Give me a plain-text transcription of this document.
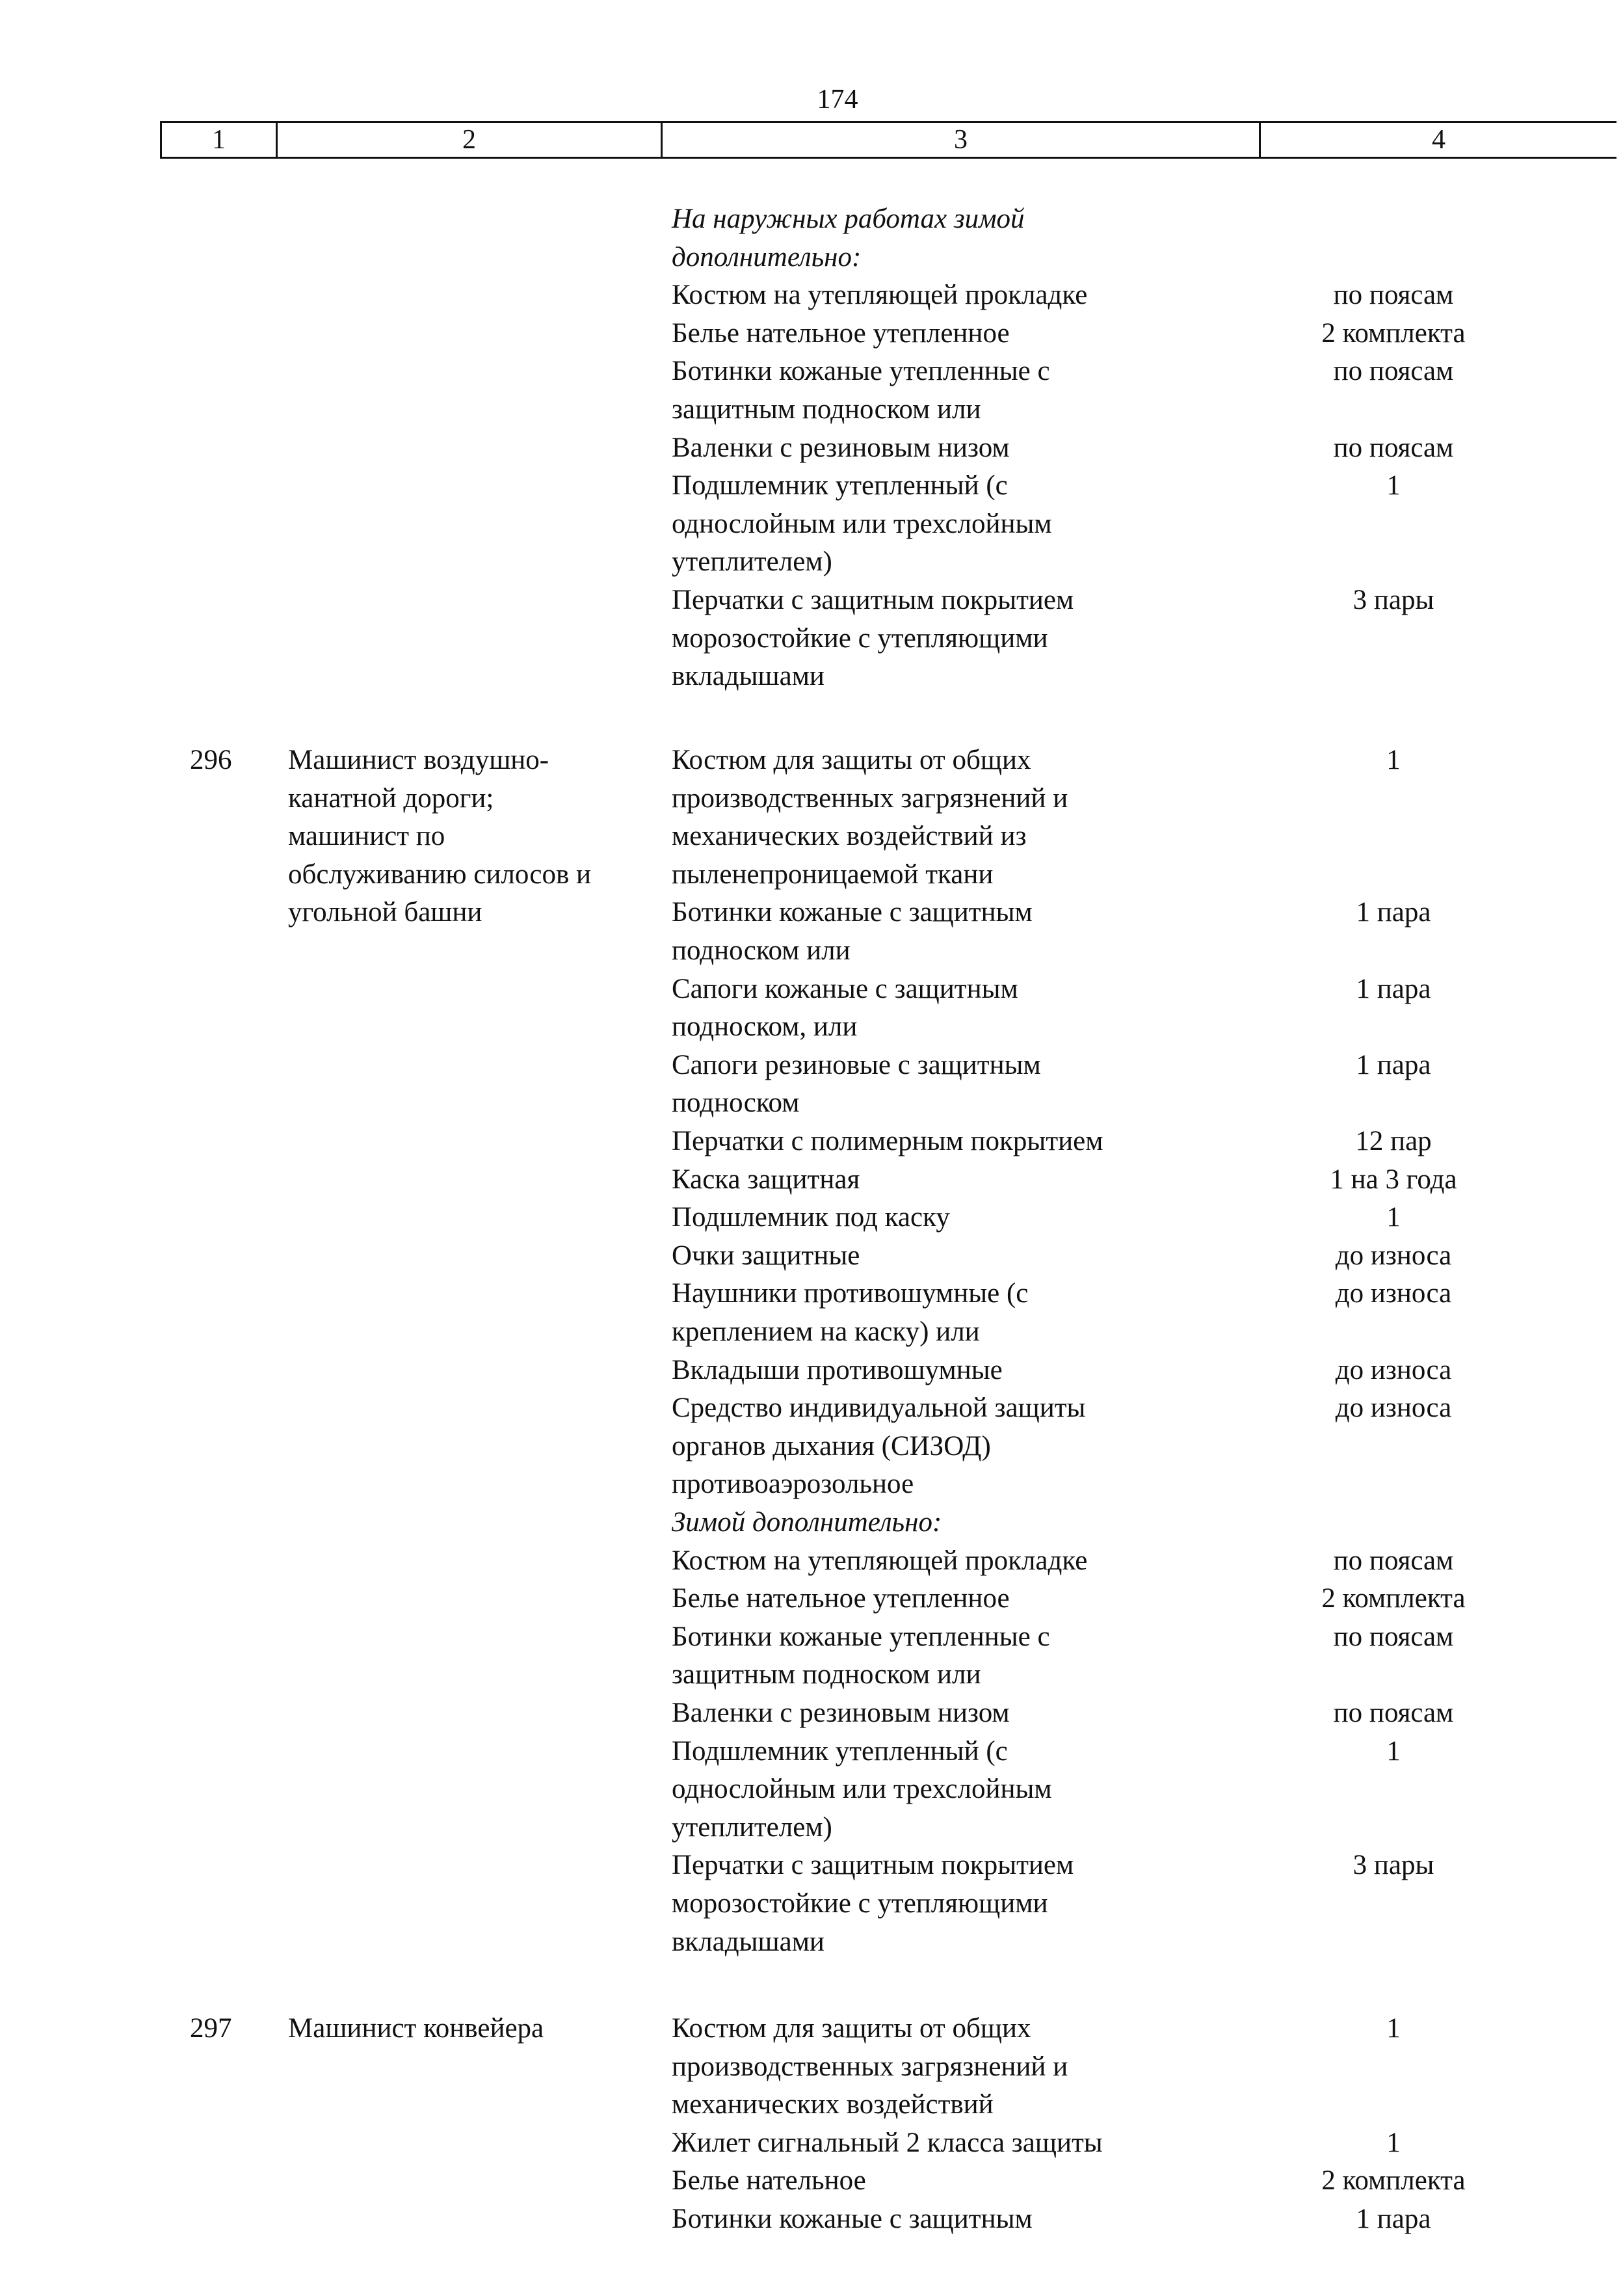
174
1	2	3	4
На наружных работах зимой
дополнительно:
Костюм на утепляющей прокладке	по поясам
Белье нательное утепленное	2 комплекта
Ботинки кожаные утепленные с	по поясам
защитным подноском или
Валенки с резиновым низом	по поясам
Подшлемник утепленный (с	1
однослойным или трехслойным
утеплителем)
Перчатки с защитным покрытием	3 пары
морозостойкие с утепляющими
вкладышами
296 Машинист воздушно-	Костюм для защиты от общих	1
канатной дороги;	производственных загрязнений и
машинист по	механических воздействий из
обслуживанию силосов и	пыленепроницаемой ткани
угольной башни	Ботинки кожаные с защитным	1 пара
подноском или
Сапоги кожаные с защитным	1 пара
подноском, или
Сапоги резиновые с защитным	1 пара
подноском
Перчатки с полимерным покрытием	12 пар
Каска защитная	1 на 3 года
Подшлемник под каску	1
Очки защитные	до износа
Наушники противошумные (с	до износа
креплением на каску) или
Вкладыши противошумные	до износа
Средство индивидуальной защиты	до износа
органов дыхания (СИЗОД)
противоаэрозольное
Зимой дополнительно:
Костюм на утепляющей прокладке	по поясам
Белье нательное утепленное	2 комплекта
Ботинки кожаные утепленные с	по поясам
защитным подноском или
Валенки с резиновым низом	по поясам
Подшлемник утепленный (с	1
однослойным или трехслойным
утеплителем)
Перчатки с защитным покрытием	3 пары
морозостойкие с утепляющими
вкладышами
297 Машинист конвейера	Костюм для защиты от общих	1
производственных загрязнений и
механических воздействий
Жилет сигнальный 2 класса защиты	1
Белье нательное	2 комплекта
Ботинки кожаные с защитным	1 пара
